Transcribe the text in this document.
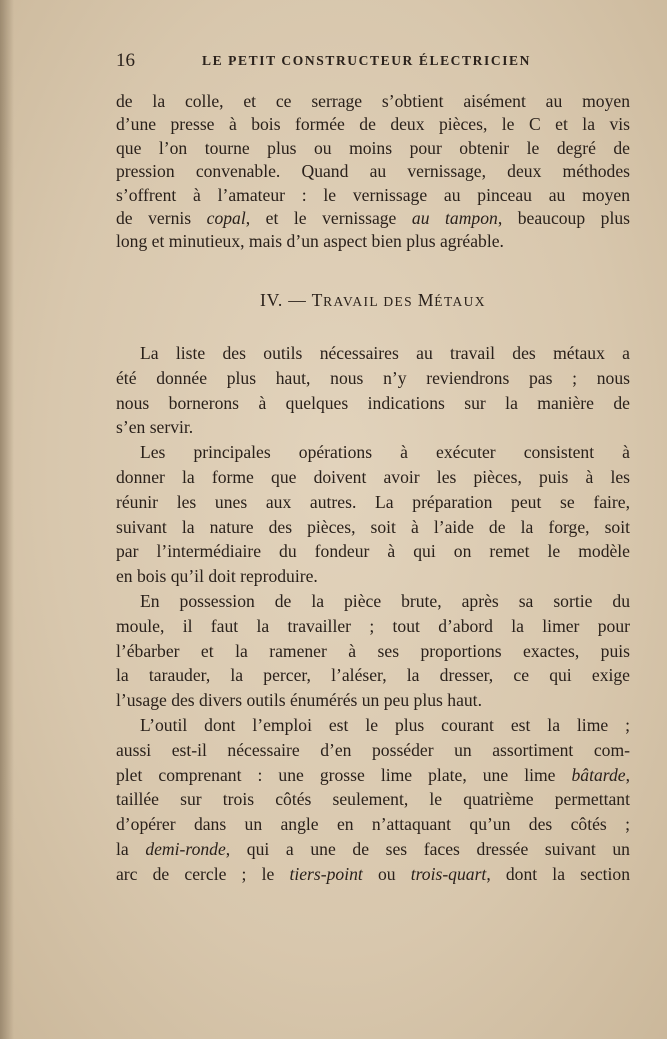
16	LE PETIT CONSTRUCTEUR ÉLECTRICIEN
de la colle, et ce serrage s’obtient aisément au moyen
d’une presse à bois formée de deux pièces, le C et la vis
que l’on tourne plus ou moins pour obtenir le degré de
pression convenable. Quand au vernissage, deux méthodes
s’offrent à l’amateur : le vernissage au pinceau au moyen
de vernis copal, et le vernissage au tampon, beaucoup plus
long et minutieux, mais d’un aspect bien plus agréable.
IV. — TRAVAIL DES MÉTAUX
La liste des outils nécessaires au travail des métaux a
été donnée plus haut, nous n’y reviendrons pas ; nous
nous bornerons à quelques indications sur la manière de
s’en servir.
Les principales opérations à exécuter consistent à
donner la forme que doivent avoir les pièces, puis à les
réunir les unes aux autres. La préparation peut se faire,
suivant la nature des pièces, soit à l’aide de la forge, soit
par l’intermédiaire du fondeur à qui on remet le modèle
en bois qu’il doit reproduire.
En possession de la pièce brute, après sa sortie du
moule, il faut la travailler ; tout d’abord la limer pour
l’ébarber et la ramener à ses proportions exactes, puis
la tarauder, la percer, l’aléser, la dresser, ce qui exige
l’usage des divers outils énumérés un peu plus haut.
L’outil dont l’emploi est le plus courant est la lime ;
aussi est-il nécessaire d’en posséder un assortiment com-
plet comprenant : une grosse lime plate, une lime bâtarde,
taillée sur trois côtés seulement, le quatrième permettant
d’opérer dans un angle en n’attaquant qu’un des côtés ;
la demi-ronde, qui a une de ses faces dressée suivant un
arc de cercle ; le tiers-point ou trois-quart, dont la section
